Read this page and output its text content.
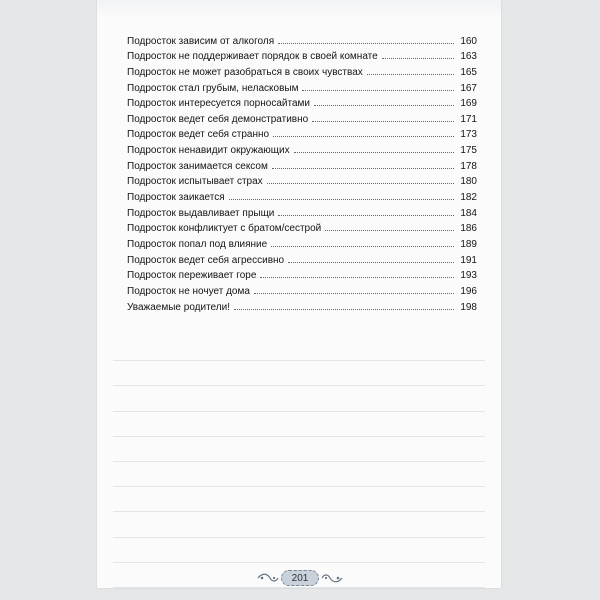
Подросток зависим от алкоголя	160
Подросток не поддерживает порядок в своей комнате	163
Подросток не может разобраться в своих чувствах	165
Подросток стал грубым, неласковым	167
Подросток интересуется порносайтами	169
Подросток ведет себя демонстративно	171
Подросток ведет себя странно	173
Подросток ненавидит окружающих	175
Подросток занимается сексом	178
Подросток испытывает страх	180
Подросток заикается	182
Подросток выдавливает прыщи	184
Подросток конфликтует с братом/сестрой	186
Подросток попал под влияние	189
Подросток ведет себя агрессивно	191
Подросток переживает горе	193
Подросток не ночует дома	196
Уважаемые родители!	198
201
